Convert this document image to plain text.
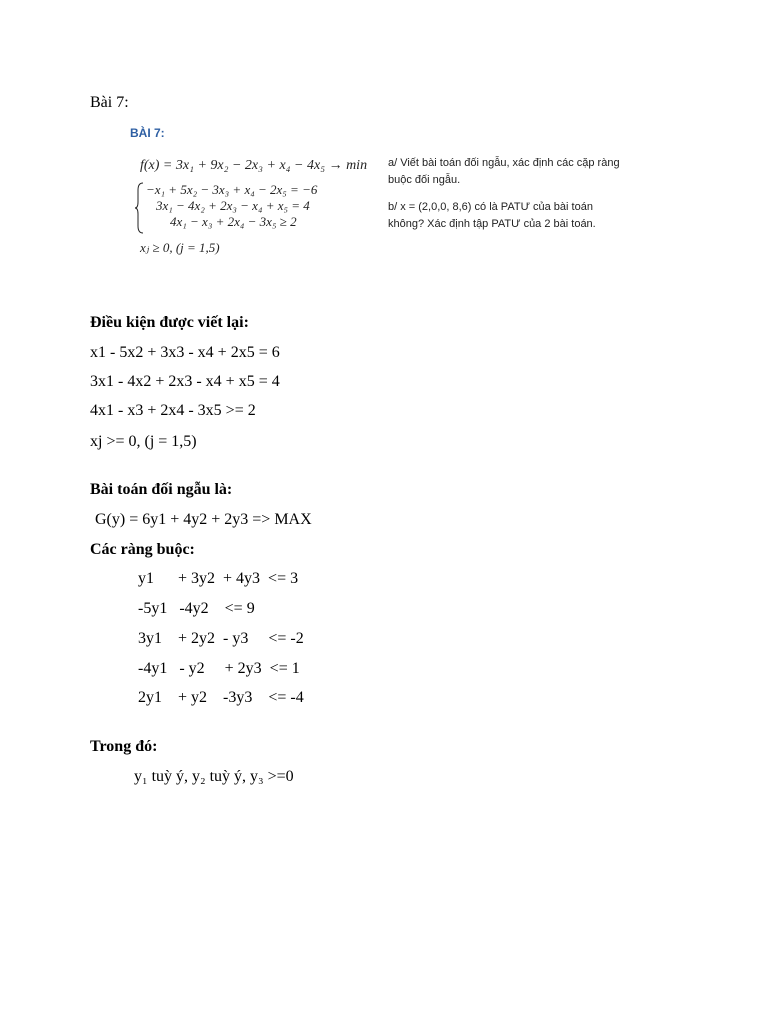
Bài 7:
BÀI 7:
f(x) = 3x₁ + 9x₂ − 2x₃ + x₄ − 4x₅ → min
−x₁ + 5x₂ − 3x₃ + x₄ − 2x₅ = −6
3x₁ − 4x₂ + 2x₃ − x₄ + x₅ = 4
4x₁ − x₃ + 2x₄ − 3x₅ ≥ 2
xⱼ ≥ 0, (j = 1,5)
a/ Viết bài toán đối ngẫu, xác định các cặp ràng
buộc đối ngẫu.
b/ x = (2,0,0, 8,6) có là PATƯ của bài toán
không? Xác định tập PATƯ của 2 bài toán.
Điều kiện được viết lại:
x1 - 5x2 + 3x3 - x4 + 2x5 = 6
3x1 - 4x2 + 2x3 - x4 + x5 = 4
4x1 - x3 + 2x4 - 3x5 >= 2
xj >= 0, (j = 1,5)
Bài toán đối ngẫu là:
G(y) = 6y1 + 4y2 + 2y3 => MAX
Các ràng buộc:
y1      + 3y2  + 4y3  <= 3
-5y1   -4y2    <= 9
3y1    + 2y2  - y3     <= -2
-4y1   - y2     + 2y3  <= 1
2y1    + y2    -3y3    <= -4
Trong đó:
y₁ tuỳ ý, y₂ tuỳ ý, y₃ >=0
